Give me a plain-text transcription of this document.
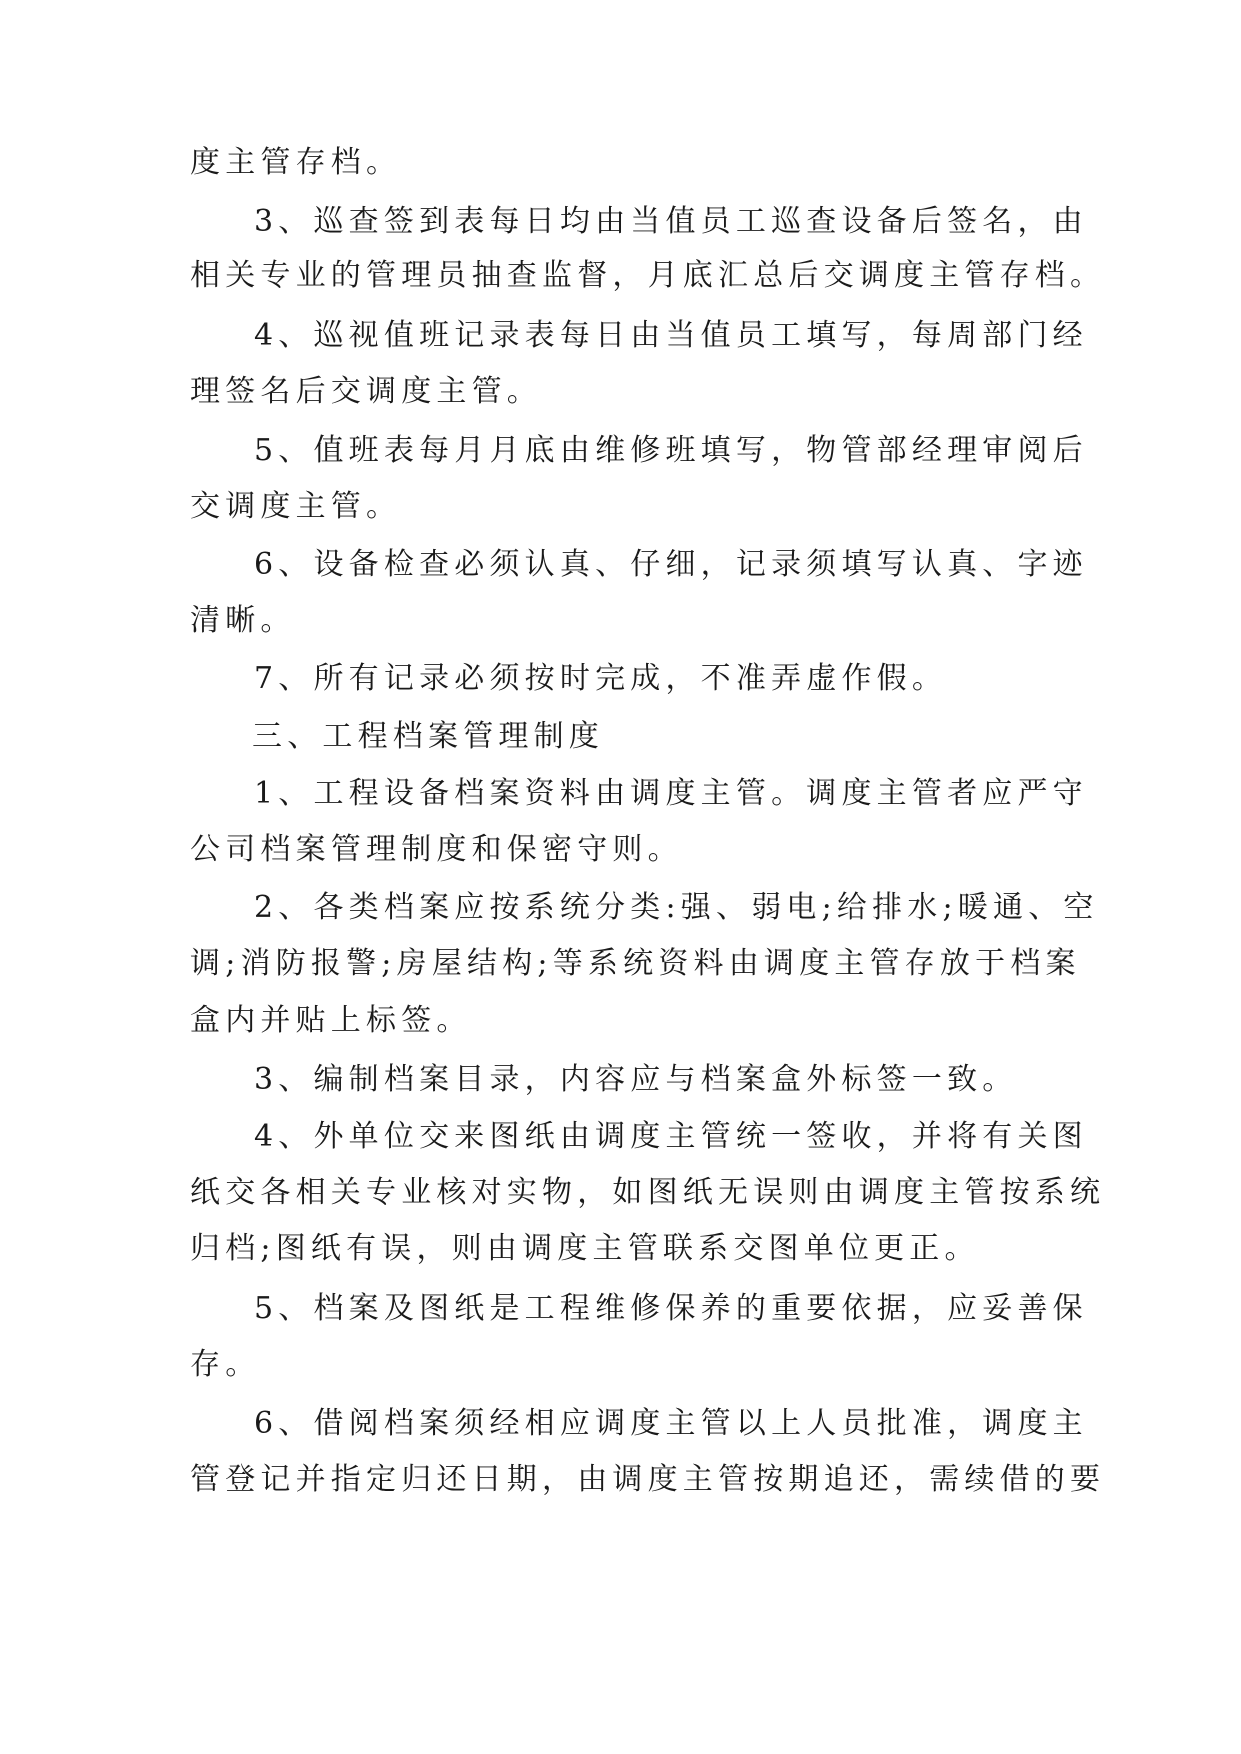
度主管存档。
3、巡查签到表每日均由当值员工巡查设备后签名，由
相关专业的管理员抽查监督，月底汇总后交调度主管存档。
4、巡视值班记录表每日由当值员工填写，每周部门经
理签名后交调度主管。
5、值班表每月月底由维修班填写，物管部经理审阅后
交调度主管。
6、设备检查必须认真、仔细，记录须填写认真、字迹
清晰。
7、所有记录必须按时完成，不准弄虚作假。
三、工程档案管理制度
1、工程设备档案资料由调度主管。调度主管者应严守
公司档案管理制度和保密守则。
2、各类档案应按系统分类:强、弱电;给排水;暖通、空
调;消防报警;房屋结构;等系统资料由调度主管存放于档案
盒内并贴上标签。
3、编制档案目录，内容应与档案盒外标签一致。
4、外单位交来图纸由调度主管统一签收，并将有关图
纸交各相关专业核对实物，如图纸无误则由调度主管按系统
归档;图纸有误，则由调度主管联系交图单位更正。
5、档案及图纸是工程维修保养的重要依据，应妥善保
存。
6、借阅档案须经相应调度主管以上人员批准，调度主
管登记并指定归还日期，由调度主管按期追还，需续借的要
